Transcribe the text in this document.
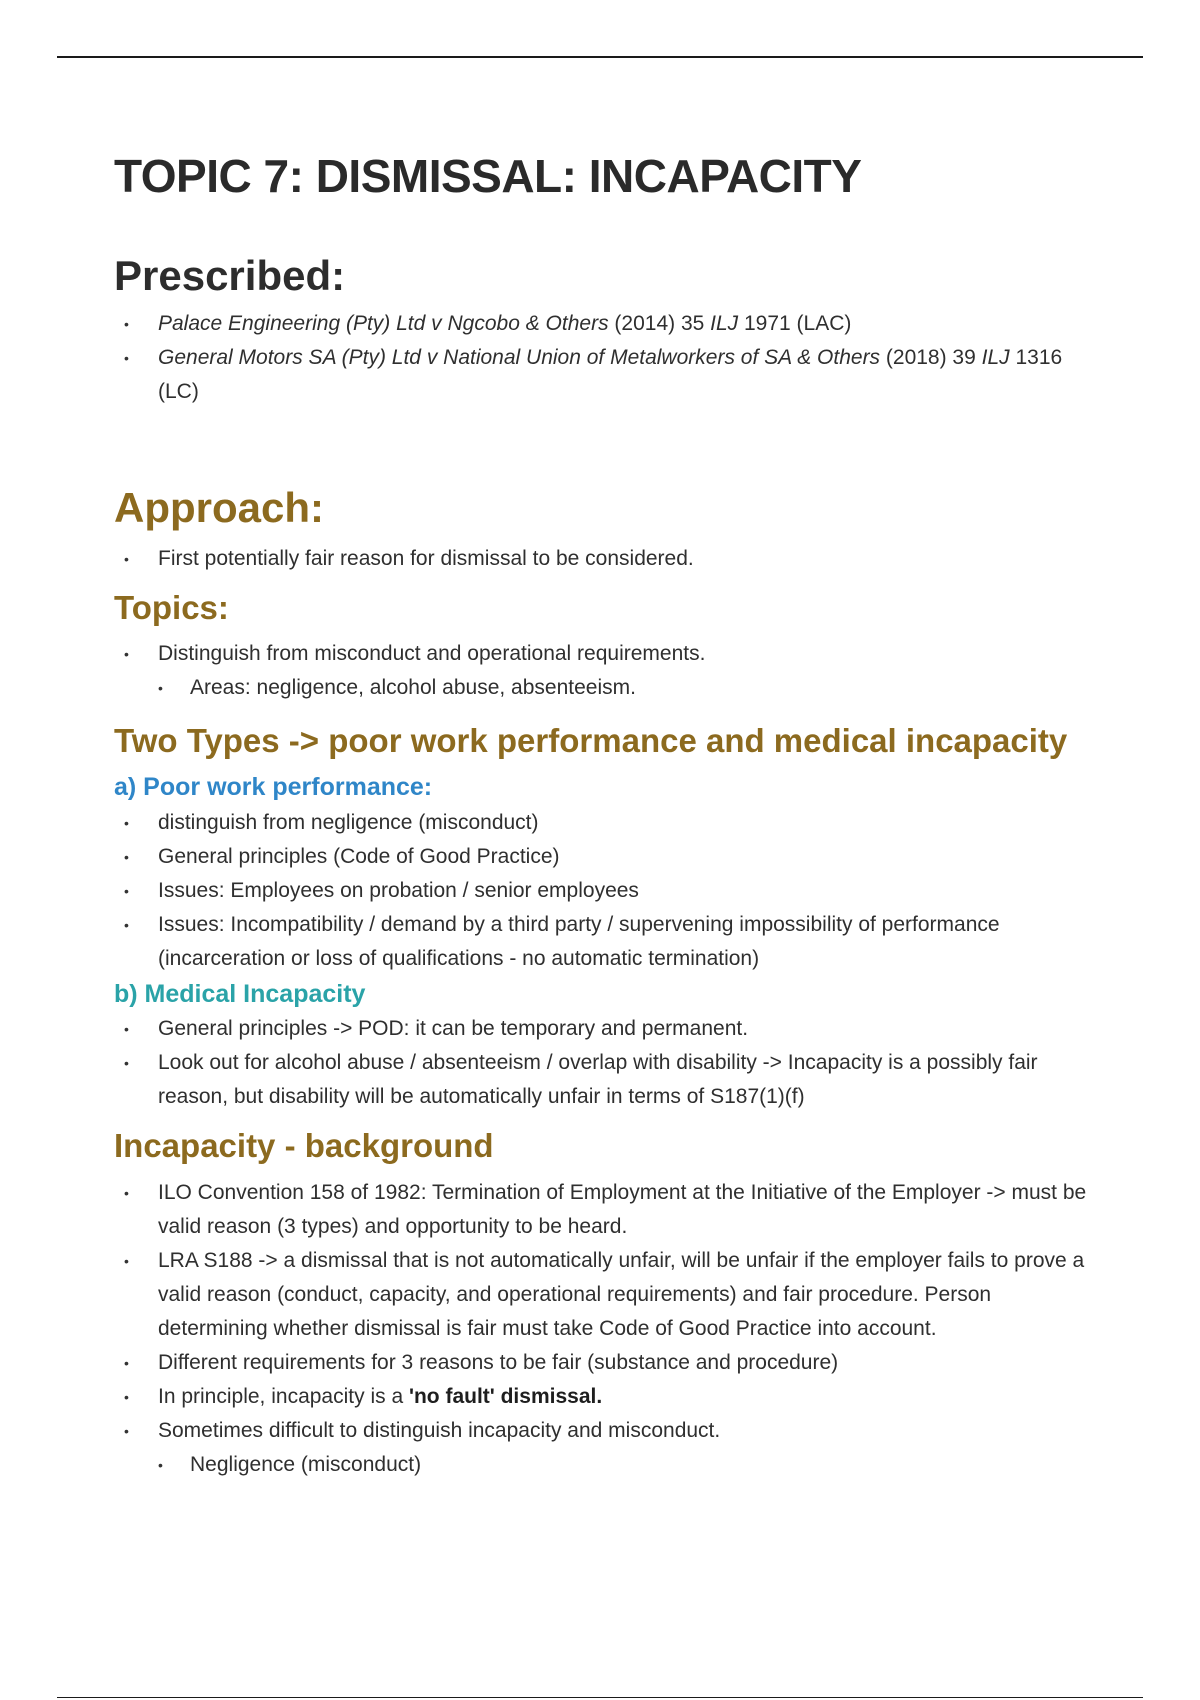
TOPIC 7: DISMISSAL: INCAPACITY
Prescribed:
• Palace Engineering (Pty) Ltd v Ngcobo & Others (2014) 35 ILJ 1971 (LAC)
• General Motors SA (Pty) Ltd v National Union of Metalworkers of SA & Others (2018) 39 ILJ 1316 (LC)
Approach:
• First potentially fair reason for dismissal to be considered.
Topics:
• Distinguish from misconduct and operational requirements.
• Areas: negligence, alcohol abuse, absenteeism.
Two Types -> poor work performance and medical incapacity
a) Poor work performance:
• distinguish from negligence (misconduct)
• General principles (Code of Good Practice)
• Issues: Employees on probation / senior employees
• Issues: Incompatibility / demand by a third party / supervening impossibility of performance (incarceration or loss of qualifications - no automatic termination)
b) Medical Incapacity
• General principles -> POD: it can be temporary and permanent.
• Look out for alcohol abuse / absenteeism / overlap with disability -> Incapacity is a possibly fair reason, but disability will be automatically unfair in terms of S187(1)(f)
Incapacity - background
• ILO Convention 158 of 1982: Termination of Employment at the Initiative of the Employer -> must be valid reason (3 types) and opportunity to be heard.
• LRA S188 -> a dismissal that is not automatically unfair, will be unfair if the employer fails to prove a valid reason (conduct, capacity, and operational requirements) and fair procedure. Person determining whether dismissal is fair must take Code of Good Practice into account.
• Different requirements for 3 reasons to be fair (substance and procedure)
• In principle, incapacity is a 'no fault' dismissal.
• Sometimes difficult to distinguish incapacity and misconduct.
• Negligence (misconduct)
